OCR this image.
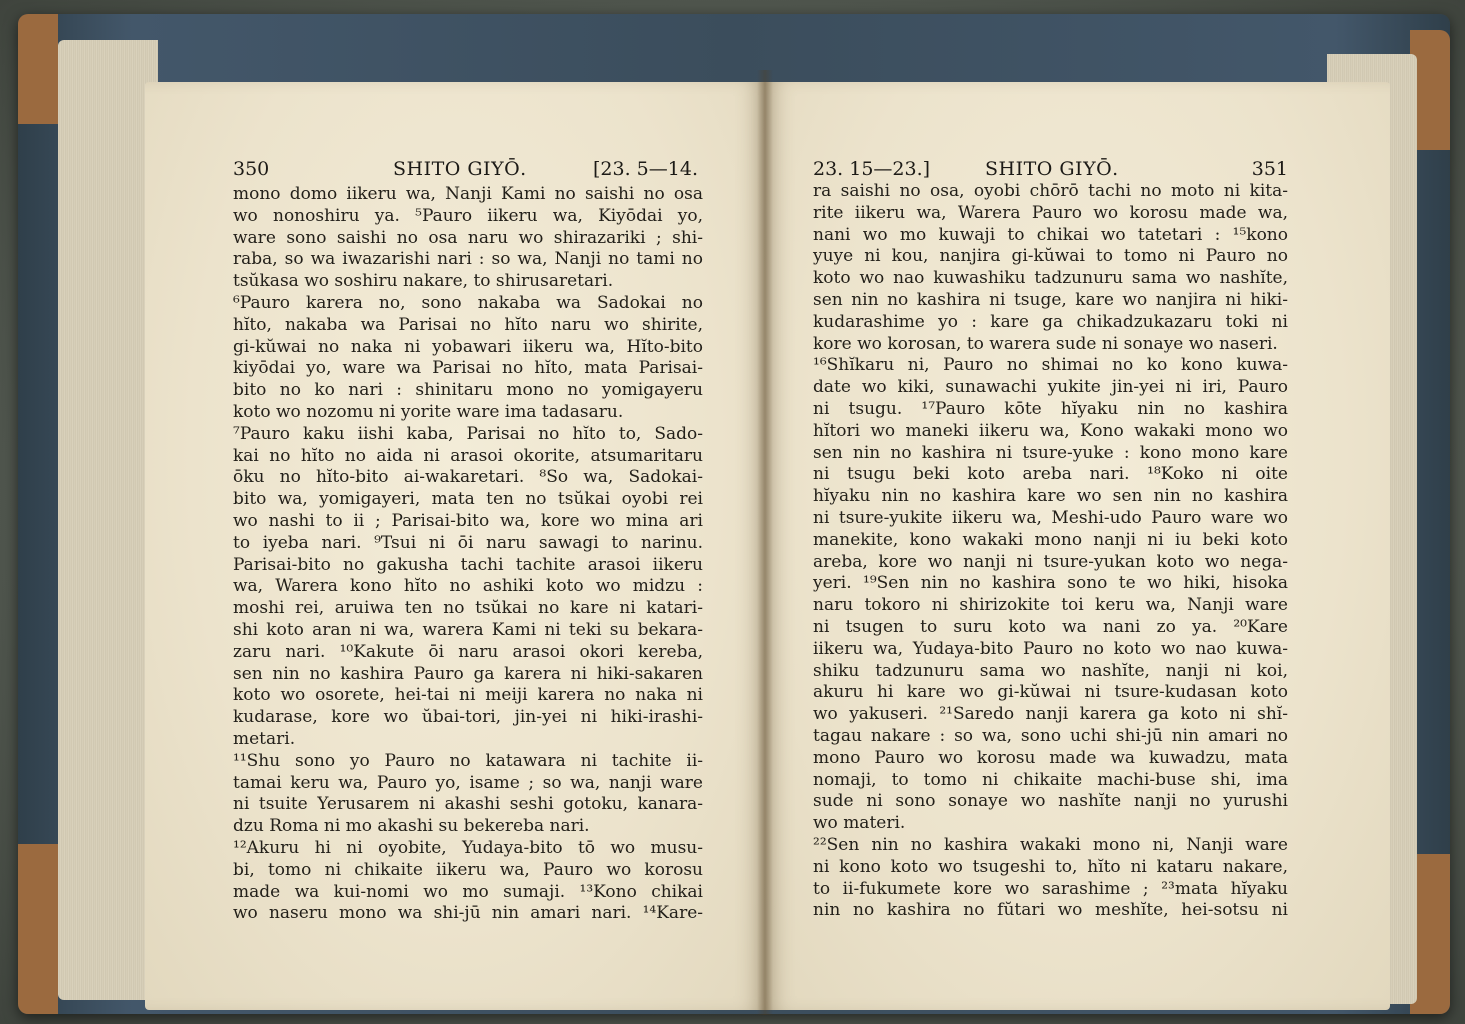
350	SHITO GIYŌ.	[23. 5—14.
mono domo iikeru wa, Nanji Kami no saishi no osa
wo nonoshiru ya. ⁵Pauro iikeru wa, Kiyōdai yo,
ware sono saishi no osa naru wo shirazariki ; shi-
raba, so wa iwazarishi nari : so wa, Nanji no tami no
tsŭkasa wo soshiru nakare, to shirusaretari.
⁶Pauro karera no, sono nakaba wa Sadokai no
hĭto, nakaba wa Parisai no hĭto naru wo shirite,
gi-kŭwai no naka ni yobawari iikeru wa, Hĭto-bito
kiyōdai yo, ware wa Parisai no hĭto, mata Parisai-
bito no ko nari : shinitaru mono no yomigayeru
koto wo nozomu ni yorite ware ima tadasaru.
⁷Pauro kaku iishi kaba, Parisai no hĭto to, Sado-
kai no hĭto no aida ni arasoi okorite, atsumaritaru
ōku no hĭto-bito ai-wakaretari. ⁸So wa, Sadokai-
bito wa, yomigayeri, mata ten no tsŭkai oyobi rei
wo nashi to ii ; Parisai-bito wa, kore wo mina ari
to iyeba nari. ⁹Tsui ni ōi naru sawagi to narinu.
Parisai-bito no gakusha tachi tachite arasoi iikeru
wa, Warera kono hĭto no ashiki koto wo midzu :
moshi rei, aruiwa ten no tsŭkai no kare ni katari-
shi koto aran ni wa, warera Kami ni teki su bekara-
zaru nari. ¹⁰Kakute ōi naru arasoi okori kereba,
sen nin no kashira Pauro ga karera ni hiki-sakaren
koto wo osorete, hei-tai ni meiji karera no naka ni
kudarase, kore wo ŭbai-tori, jin-yei ni hiki-irashi-
metari.
¹¹Shu sono yo Pauro no katawara ni tachite ii-
tamai keru wa, Pauro yo, isame ; so wa, nanji ware
ni tsuite Yerusarem ni akashi seshi gotoku, kanara-
dzu Roma ni mo akashi su bekereba nari.
¹²Akuru hi ni oyobite, Yudaya-bito tō wo musu-
bi, tomo ni chikaite iikeru wa, Pauro wo korosu
made wa kui-nomi wo mo sumaji. ¹³Kono chikai
wo naseru mono wa shi-jū nin amari nari. ¹⁴Kare-
23. 15—23.]	SHITO GIYŌ.	351
ra saishi no osa, oyobi chōrō tachi no moto ni kita-
rite iikeru wa, Warera Pauro wo korosu made wa,
nani wo mo kuwaji to chikai wo tatetari : ¹⁵kono
yuye ni kou, nanjira gi-kŭwai to tomo ni Pauro no
koto wo nao kuwashiku tadzunuru sama wo nashĭte,
sen nin no kashira ni tsuge, kare wo nanjira ni hiki-
kudarashime yo : kare ga chikadzukazaru toki ni
kore wo korosan, to warera sude ni sonaye wo naseri.
¹⁶Shĭkaru ni, Pauro no shimai no ko kono kuwa-
date wo kiki, sunawachi yukite jin-yei ni iri, Pauro
ni tsugu. ¹⁷Pauro kōte hĭyaku nin no kashira
hĭtori wo maneki iikeru wa, Kono wakaki mono wo
sen nin no kashira ni tsure-yuke : kono mono kare
ni tsugu beki koto areba nari. ¹⁸Koko ni oite
hĭyaku nin no kashira kare wo sen nin no kashira
ni tsure-yukite iikeru wa, Meshi-udo Pauro ware wo
manekite, kono wakaki mono nanji ni iu beki koto
areba, kore wo nanji ni tsure-yukan koto wo nega-
yeri. ¹⁹Sen nin no kashira sono te wo hiki, hisoka
naru tokoro ni shirizokite toi keru wa, Nanji ware
ni tsugen to suru koto wa nani zo ya. ²⁰Kare
iikeru wa, Yudaya-bito Pauro no koto wo nao kuwa-
shiku tadzunuru sama wo nashĭte, nanji ni koi,
akuru hi kare wo gi-kŭwai ni tsure-kudasan koto
wo yakuseri. ²¹Saredo nanji karera ga koto ni shĭ-
tagau nakare : so wa, sono uchi shi-jū nin amari no
mono Pauro wo korosu made wa kuwadzu, mata
nomaji, to tomo ni chikaite machi-buse shi, ima
sude ni sono sonaye wo nashĭte nanji no yurushi
wo materi.
²²Sen nin no kashira wakaki mono ni, Nanji ware
ni kono koto wo tsugeshi to, hĭto ni kataru nakare,
to ii-fukumete kore wo sarashime ; ²³mata hĭyaku
nin no kashira no fŭtari wo meshĭte, hei-sotsu ni
